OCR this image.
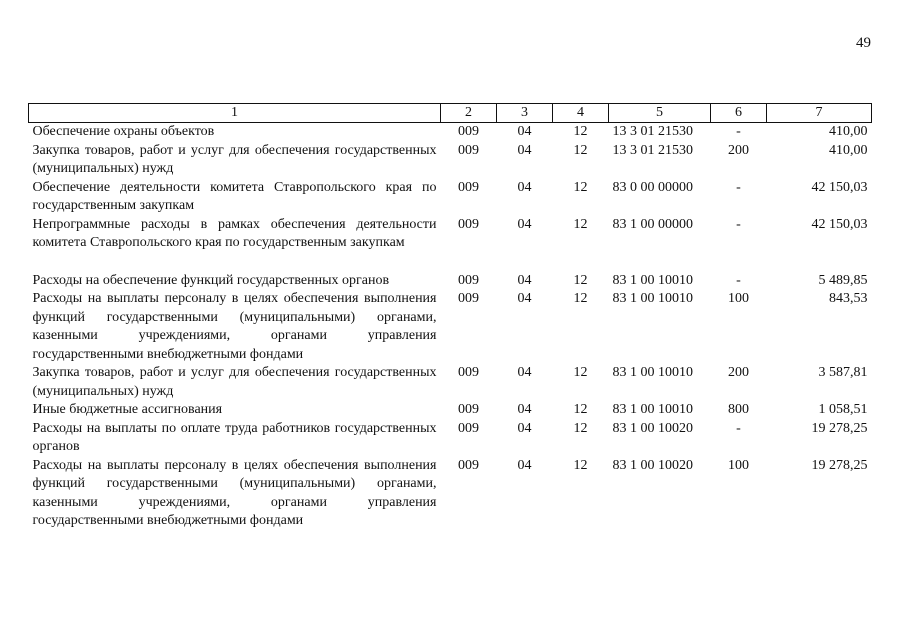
49
1	2	3	4	5	6	7
Обеспечение охраны объектов	009	04	12	13 3 01 21530	-	410,00
Закупка товаров, работ и услуг для обеспечения государственных (муниципальных) нужд	009	04	12	13 3 01 21530	200	410,00
Обеспечение деятельности комитета Ставропольского края по государственным закупкам	009	04	12	83 0 00 00000	-	42 150,03
Непрограммные расходы в рамках обеспечения деятельности комитета Ставропольского края по государственным закупкам	009	04	12	83 1 00 00000	-	42 150,03

Расходы на обеспечение функций государственных органов	009	04	12	83 1 00 10010	-	5 489,85
Расходы на выплаты персоналу в целях обеспечения выполнения функций государственными (муниципальными) органами, казенными учреждениями, органами управления государственными внебюджетными фондами	009	04	12	83 1 00 10010	100	843,53
Закупка товаров, работ и услуг для обеспечения государственных (муниципальных) нужд	009	04	12	83 1 00 10010	200	3 587,81
Иные бюджетные ассигнования	009	04	12	83 1 00 10010	800	1 058,51
Расходы на выплаты по оплате труда работников государственных органов	009	04	12	83 1 00 10020	-	19 278,25
Расходы на выплаты персоналу в целях обеспечения выполнения функций государственными (муниципальными) органами, казенными учреждениями, органами управления государственными внебюджетными фондами	009	04	12	83 1 00 10020	100	19 278,25
